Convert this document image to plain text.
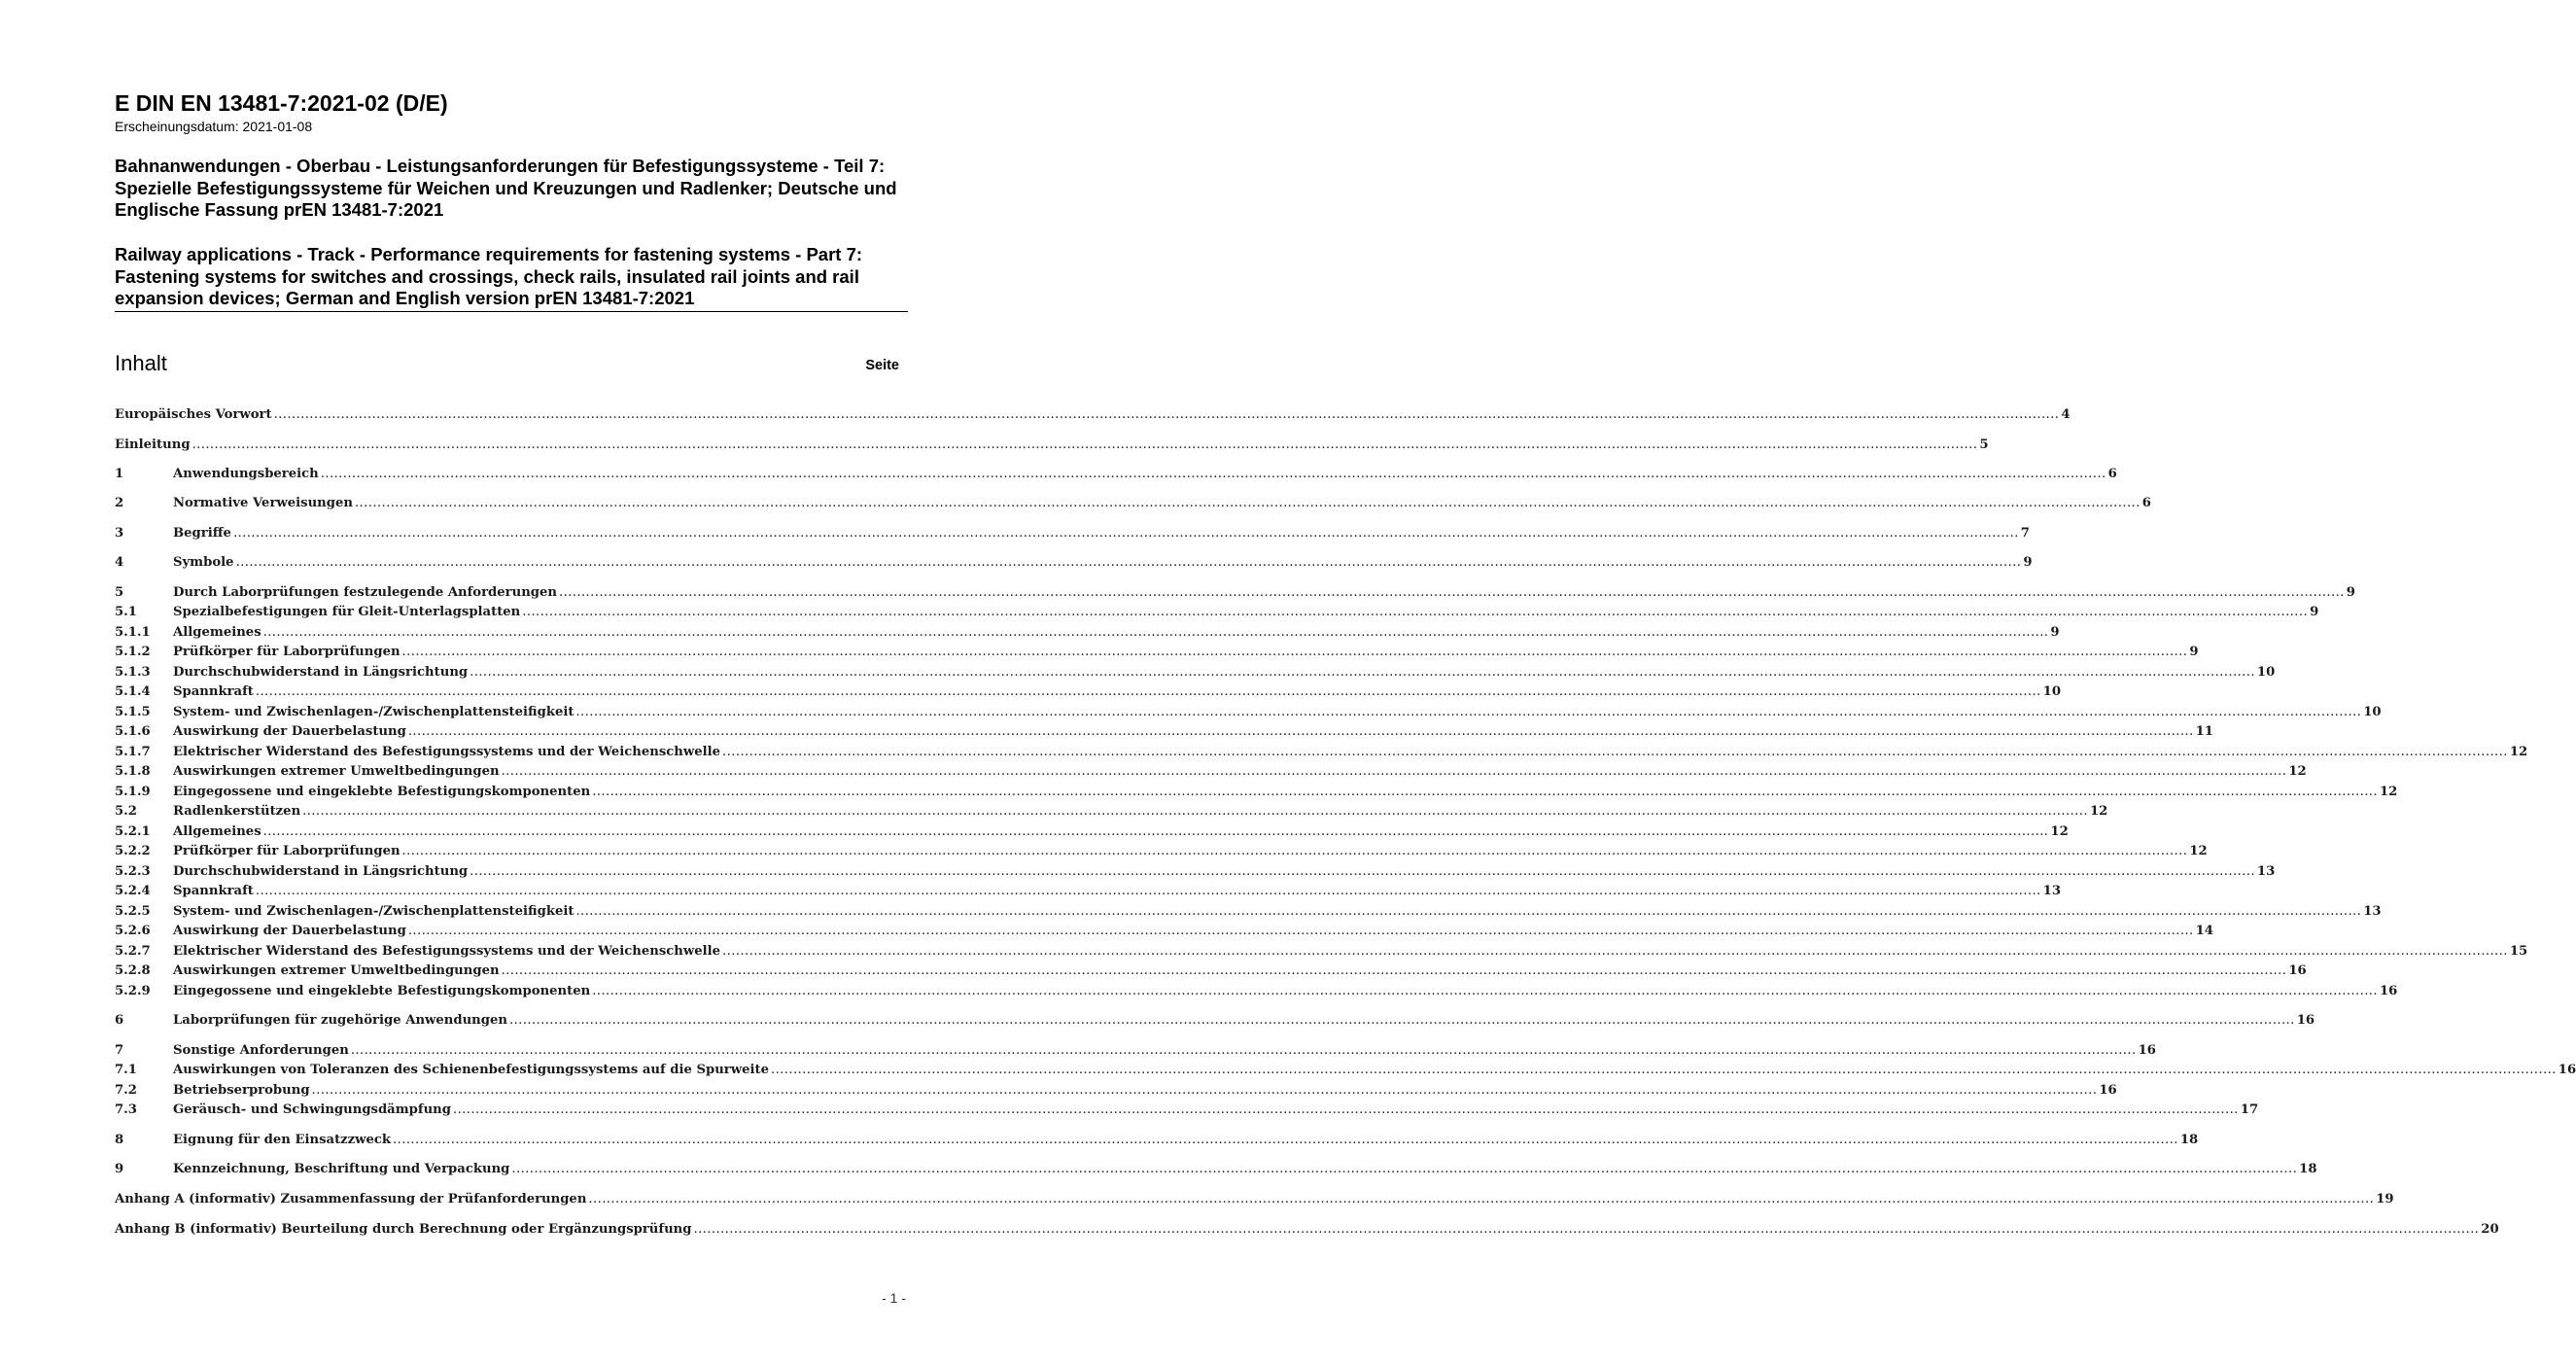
E DIN EN 13481-7:2021-02 (D/E)
Erscheinungsdatum: 2021-01-08
Bahnanwendungen - Oberbau - Leistungsanforderungen für Befestigungssysteme - Teil 7: Spezielle Befestigungssysteme für Weichen und Kreuzungen und Radlenker; Deutsche und Englische Fassung prEN 13481-7:2021
Railway applications - Track - Performance requirements for fastening systems - Part 7: Fastening systems for switches and crossings, check rails, insulated rail joints and rail expansion devices; German and English version prEN 13481-7:2021
Inhalt	Seite
Europäisches Vorwort ................................................................................................................................................................................................................................................................................................................................................................................................................ 4
Einleitung ................................................................................................................................................................................................................................................................................................................................................................................................................ 5
1	Anwendungsbereich ................................................................................................................................................................................................................................................................................................................................................................................................................ 6
2	Normative Verweisungen ................................................................................................................................................................................................................................................................................................................................................................................................................ 6
3	Begriffe ................................................................................................................................................................................................................................................................................................................................................................................................................ 7
4	Symbole ................................................................................................................................................................................................................................................................................................................................................................................................................ 9
5	Durch Laborprüfungen festzulegende Anforderungen ................................................................................................................................................................................................................................................................................................................................................................................................................ 9
5.1	Spezialbefestigungen für Gleit-Unterlagsplatten ................................................................................................................................................................................................................................................................................................................................................................................................................ 9
5.1.1	Allgemeines ................................................................................................................................................................................................................................................................................................................................................................................................................ 9
5.1.2	Prüfkörper für Laborprüfungen ................................................................................................................................................................................................................................................................................................................................................................................................................ 9
5.1.3	Durchschubwiderstand in Längsrichtung ................................................................................................................................................................................................................................................................................................................................................................................................................ 10
5.1.4	Spannkraft ................................................................................................................................................................................................................................................................................................................................................................................................................ 10
5.1.5	System- und Zwischenlagen-/Zwischenplattensteifigkeit ................................................................................................................................................................................................................................................................................................................................................................................................................ 10
5.1.6	Auswirkung der Dauerbelastung ................................................................................................................................................................................................................................................................................................................................................................................................................ 11
5.1.7	Elektrischer Widerstand des Befestigungssystems und der Weichenschwelle ................................................................................................................................................................................................................................................................................................................................................................................................................ 12
5.1.8	Auswirkungen extremer Umweltbedingungen ................................................................................................................................................................................................................................................................................................................................................................................................................ 12
5.1.9	Eingegossene und eingeklebte Befestigungskomponenten ................................................................................................................................................................................................................................................................................................................................................................................................................ 12
5.2	Radlenkerstützen ................................................................................................................................................................................................................................................................................................................................................................................................................ 12
5.2.1	Allgemeines ................................................................................................................................................................................................................................................................................................................................................................................................................ 12
5.2.2	Prüfkörper für Laborprüfungen ................................................................................................................................................................................................................................................................................................................................................................................................................ 12
5.2.3	Durchschubwiderstand in Längsrichtung ................................................................................................................................................................................................................................................................................................................................................................................................................ 13
5.2.4	Spannkraft ................................................................................................................................................................................................................................................................................................................................................................................................................ 13
5.2.5	System- und Zwischenlagen-/Zwischenplattensteifigkeit ................................................................................................................................................................................................................................................................................................................................................................................................................ 13
5.2.6	Auswirkung der Dauerbelastung ................................................................................................................................................................................................................................................................................................................................................................................................................ 14
5.2.7	Elektrischer Widerstand des Befestigungssystems und der Weichenschwelle ................................................................................................................................................................................................................................................................................................................................................................................................................ 15
5.2.8	Auswirkungen extremer Umweltbedingungen ................................................................................................................................................................................................................................................................................................................................................................................................................ 16
5.2.9	Eingegossene und eingeklebte Befestigungskomponenten ................................................................................................................................................................................................................................................................................................................................................................................................................ 16
6	Laborprüfungen für zugehörige Anwendungen ................................................................................................................................................................................................................................................................................................................................................................................................................ 16
7	Sonstige Anforderungen ................................................................................................................................................................................................................................................................................................................................................................................................................ 16
7.1	Auswirkungen von Toleranzen des Schienenbefestigungssystems auf die Spurweite ................................................................................................................................................................................................................................................................................................................................................................................................................ 16
7.2	Betriebserprobung ................................................................................................................................................................................................................................................................................................................................................................................................................ 16
7.3	Geräusch- und Schwingungsdämpfung ................................................................................................................................................................................................................................................................................................................................................................................................................ 17
8	Eignung für den Einsatzzweck ................................................................................................................................................................................................................................................................................................................................................................................................................ 18
9	Kennzeichnung, Beschriftung und Verpackung ................................................................................................................................................................................................................................................................................................................................................................................................................ 18
Anhang A (informativ) Zusammenfassung der Prüfanforderungen ................................................................................................................................................................................................................................................................................................................................................................................................................ 19
Anhang B (informativ) Beurteilung durch Berechnung oder Ergänzungsprüfung ................................................................................................................................................................................................................................................................................................................................................................................................................ 20
- 1 -
